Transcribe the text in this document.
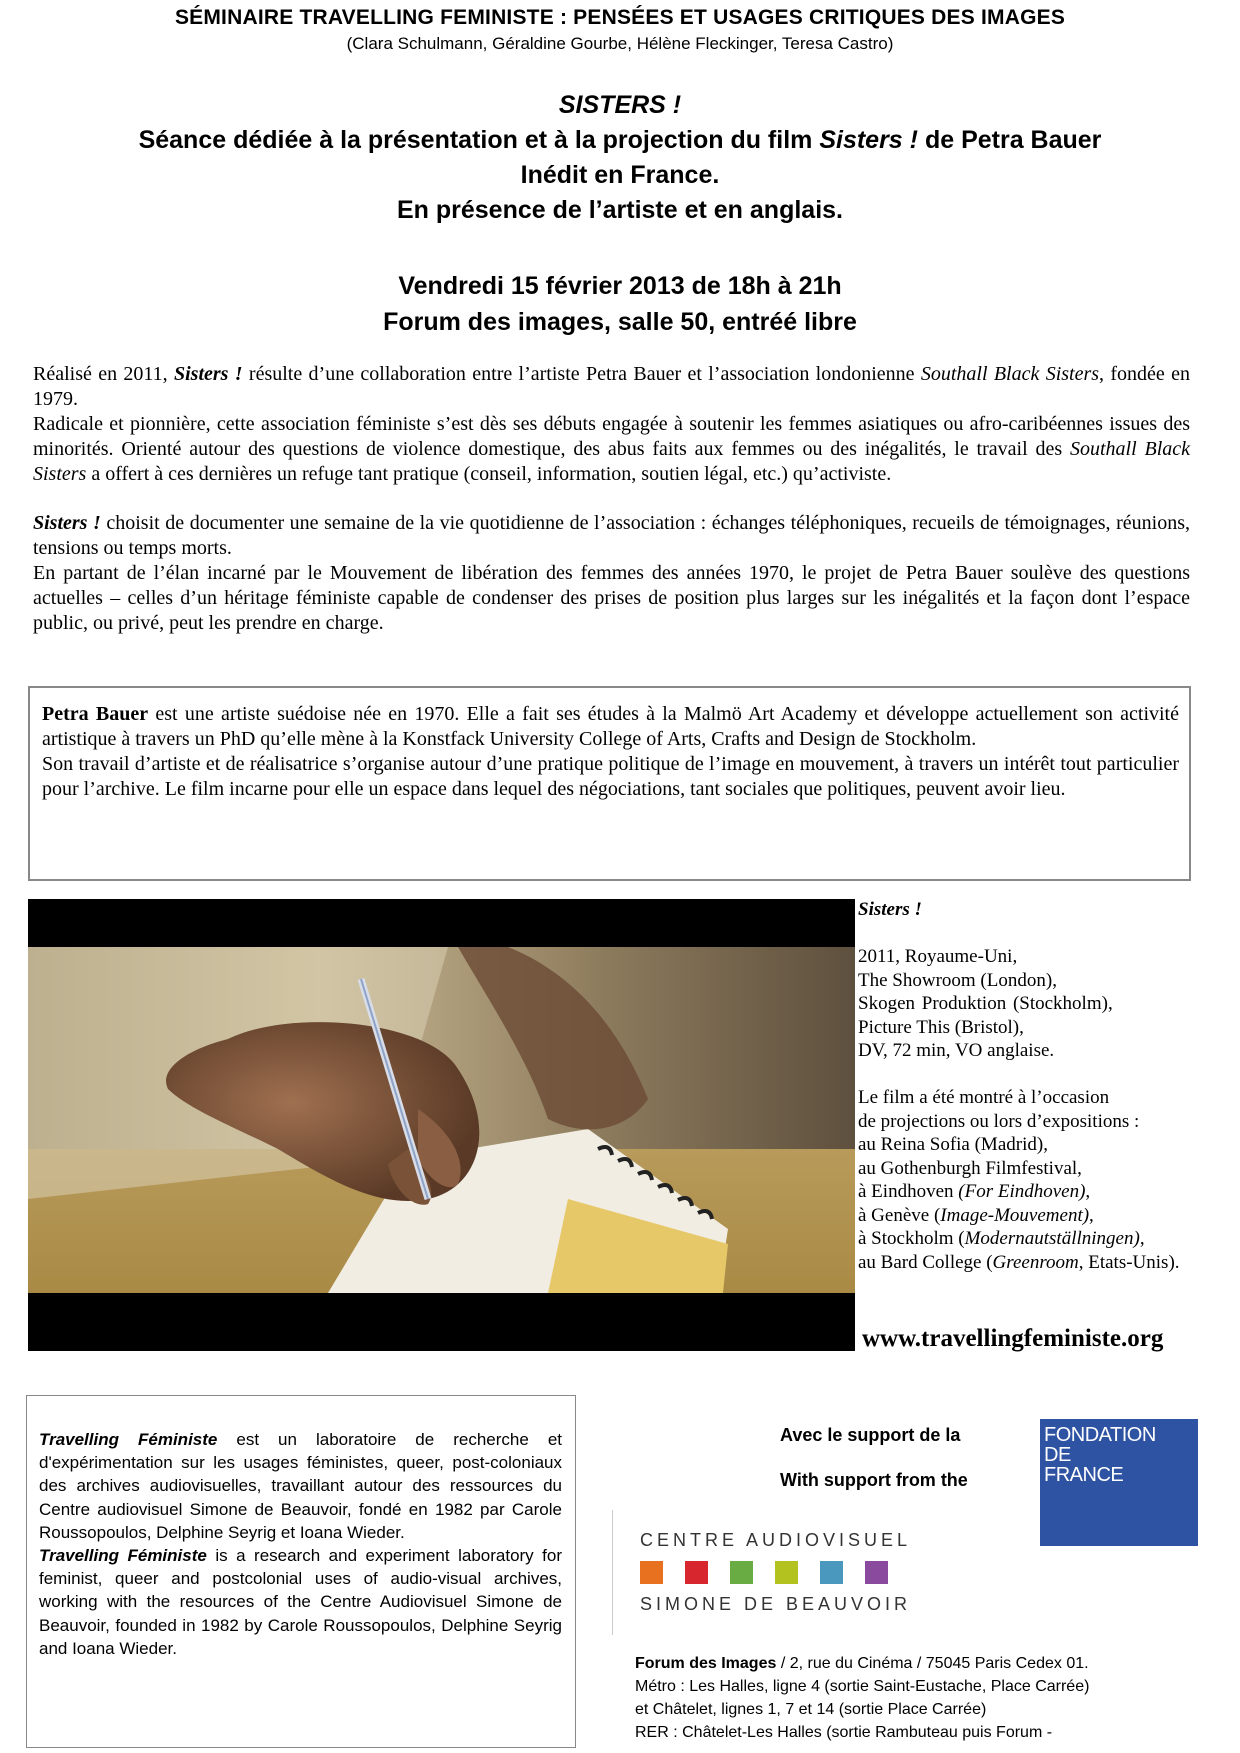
SÉMINAIRE TRAVELLING FEMINISTE : PENSÉES ET USAGES CRITIQUES DES IMAGES
(Clara Schulmann, Géraldine Gourbe, Hélène Fleckinger, Teresa Castro)
SISTERS !
Séance dédiée à la présentation et à la projection du film Sisters ! de Petra Bauer
Inédit en France.
En présence de l’artiste et en anglais.
Vendredi 15 février 2013 de 18h à 21h
Forum des images, salle 50, entréé libre

Réalisé en 2011, Sisters ! résulte d’une collaboration entre l’artiste Petra Bauer et l’association londonienne Southall Black Sisters, fondée en 1979.

Radicale et pionnière, cette association féministe s’est dès ses débuts engagée à soutenir les femmes asiatiques ou afro-caribéennes issues des minorités. Orienté autour des questions de violence domestique, des abus faits aux femmes ou des inégalités, le travail des Southall Black Sisters a offert à ces dernières un refuge tant pratique (conseil, information, soutien légal, etc.) qu’activiste.

Sisters ! choisit de documenter une semaine de la vie quotidienne de l’association : échanges téléphoniques, recueils de témoignages, réunions, tensions ou temps morts.

En partant de l’élan incarné par le Mouvement de libération des femmes des années 1970, le projet de Petra Bauer soulève des questions actuelles – celles d’un héritage féministe capable de condenser des prises de position plus larges sur les inégalités et la façon dont l’espace public, ou privé, peut les prendre en charge.

Petra Bauer est une artiste suédoise née en 1970. Elle a fait ses études à la Malmö Art Academy et développe actuellement son activité artistique à travers un PhD qu’elle mène à la Konstfack University College of Arts, Crafts and Design de Stockholm.

Son travail d’artiste et de réalisatrice s’organise autour d’une pratique politique de l’image en mouvement, à travers un intérêt tout particulier pour l’archive. Le film incarne pour elle un espace dans lequel des négociations, tant sociales que politiques, peuvent avoir lieu.

Sisters !

2011, Royaume-Uni,

The Showroom (London),

Skogen Produktion (Stockholm),

Picture This (Bristol),

DV, 72 min, VO anglaise.

Le film a été montré à l’occasion

de projections ou lors d’expositions :

au Reina Sofia (Madrid),

au Gothenburgh Filmfestival,

à Eindhoven (For Eindhoven),

à Genève (Image-Mouvement),

à Stockholm (Modernautställningen),

au Bard College (Greenroom, Etats-Unis).

www.travellingfeministe.org

Travelling Féministe est un laboratoire de recherche et d'expérimentation sur les usages féministes, queer, post-coloniaux des archives audiovisuelles, travaillant autour des ressources du Centre audiovisuel Simone de Beauvoir, fondé en 1982 par Carole Roussopoulos, Delphine Seyrig et Ioana Wieder.

Travelling Féministe is a research and experiment laboratory for feminist, queer and postcolonial uses of audio-visual archives, working with the resources of the Centre Audiovisuel Simone de Beauvoir, founded in 1982 by Carole Roussopoulos, Delphine Seyrig and Ioana Wieder.

Avec le support de la
With support from the
FONDATION
DE
FRANCE
CENTRE AUDIOVISUEL
SIMONE DE BEAUVOIR

Forum des Images / 2, rue du Cinéma / 75045 Paris Cedex 01.

Métro : Les Halles, ligne 4 (sortie Saint-Eustache, Place Carrée)

et Châtelet, lignes 1, 7 et 14 (sortie Place Carrée)

RER : Châtelet-Les Halles (sortie Rambuteau puis Forum -
